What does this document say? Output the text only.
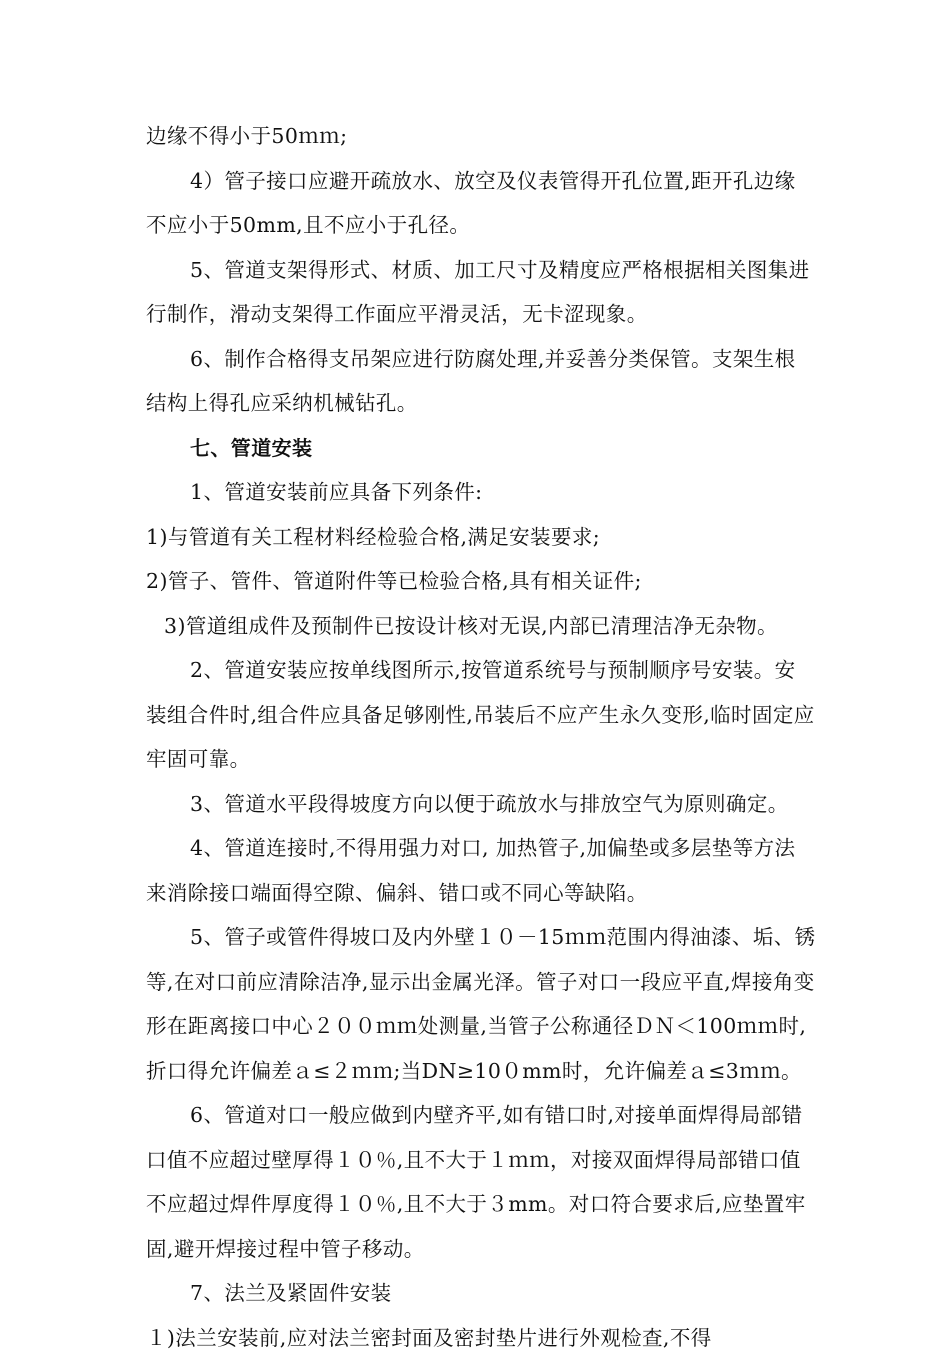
边缘不得小于50ｍｍ;

4）管子接口应避开疏放水、放空及仪表管得开孔位置,距开孔边缘不应小于50mm,且不应小于孔径。

5、管道支架得形式、材质、加工尺寸及精度应严格根据相关图集进行制作，滑动支架得工作面应平滑灵活，无卡涩现象。

6、制作合格得支吊架应进行防腐处理,并妥善分类保管。支架生根结构上得孔应采纳机械钻孔。

七、管道安装

1、管道安装前应具备下列条件:

1)与管道有关工程材料经检验合格,满足安装要求;

2)管子、管件、管道附件等已检验合格,具有相关证件;

3)管道组成件及预制件已按设计核对无误,内部已清理洁净无杂物。

2、管道安装应按单线图所示,按管道系统号与预制顺序号安装。安装组合件时,组合件应具备足够刚性,吊装后不应产生永久变形,临时固定应牢固可靠。

3、管道水平段得坡度方向以便于疏放水与排放空气为原则确定。

4、管道连接时,不得用强力对口, 加热管子,加偏垫或多层垫等方法来消除接口端面得空隙、偏斜、错口或不同心等缺陷。

5、管子或管件得坡口及内外壁１０－15ｍｍ范围内得油漆、垢、锈等,在对口前应清除洁净,显示出金属光泽。管子对口一段应平直,焊接角变形在距离接口中心２００ｍｍ处测量,当管子公称通径ＤＮ＜100ｍｍ时,折口得允许偏差ａ≤２ｍｍ;当DN≥10０mm时，允许偏差ａ≤3ｍｍ。

6、管道对口一般应做到内壁齐平,如有错口时,对接单面焊得局部错口值不应超过壁厚得１０％,且不大于１ｍｍ，对接双面焊得局部错口值不应超过焊件厚度得１０％,且不大于３mm。对口符合要求后,应垫置牢固,避开焊接过程中管子移动。

7、法兰及紧固件安装

１)法兰安装前,应对法兰密封面及密封垫片进行外观检查,不得
